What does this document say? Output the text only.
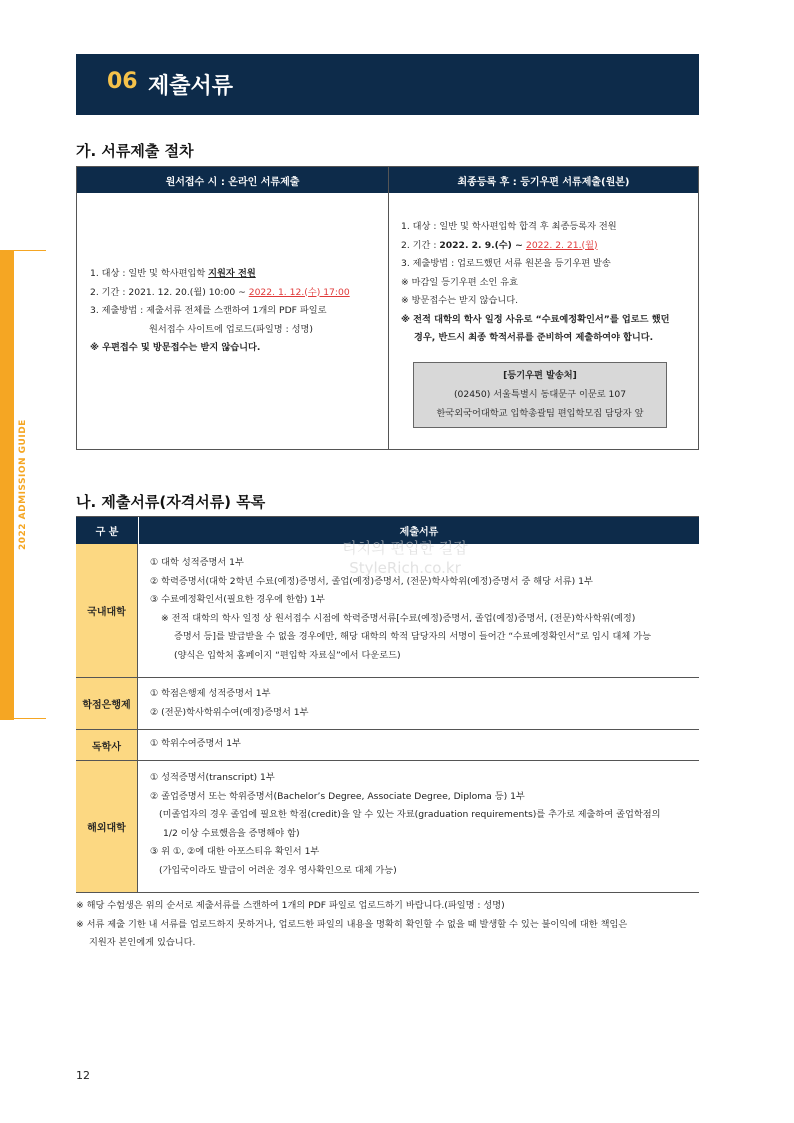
2022 ADMISSION GUIDE
06 제출서류
가. 서류제출 절차
원서접수 시 : 온라인 서류제출	최종등록 후 : 등기우편 서류제출(원본)
1. 대상 : 일반 및 학사편입학 지원자 전원
2. 기간 : 2021. 12. 20.(월) 10:00 ~ 2022. 1. 12.(수) 17:00
3. 제출방법 : 제출서류 전체를 스캔하여 1개의 PDF 파일로
원서접수 사이트에 업로드(파일명 : 성명)
※ 우편접수 및 방문접수는 받지 않습니다.
1. 대상 : 일반 및 학사편입학 합격 후 최종등록자 전원
2. 기간 : 2022. 2. 9.(수) ~ 2022. 2. 21.(월)
3. 제출방법 : 업로드했던 서류 원본을 등기우편 발송
※ 마감일 등기우편 소인 유효
※ 방문접수는 받지 않습니다.
※ 전적 대학의 학사 일정 사유로 “수료예정확인서”를 업로드 했던
경우, 반드시 최종 학적서류를 준비하여 제출하여야 합니다.
[등기우편 발송처]
(02450) 서울특별시 동대문구 이문로 107
한국외국어대학교 입학총괄팀 편입학모집 담당자 앞
나. 제출서류(자격서류) 목록
구 분	제출서류
국내대학
① 대학 성적증명서 1부
② 학력증명서(대학 2학년 수료(예정)증명서, 졸업(예정)증명서, (전문)학사학위(예정)증명서 중 해당 서류) 1부
③ 수료예정확인서(필요한 경우에 한함) 1부
※ 전적 대학의 학사 일정 상 원서접수 시점에 학력증명서류[수료(예정)증명서, 졸업(예정)증명서, (전문)학사학위(예정)
증명서 등]를 발급받을 수 없을 경우에만, 해당 대학의 학적 담당자의 서명이 들어간 “수료예정확인서”로 임시 대체 가능
(양식은 입학처 홈페이지 “편입학 자료실”에서 다운로드)
학점은행제
① 학점은행제 성적증명서 1부
② (전문)학사학위수여(예정)증명서 1부
독학사	① 학위수여증명서 1부
해외대학
① 성적증명서(transcript) 1부
② 졸업증명서 또는 학위증명서(Bachelor’s Degree, Associate Degree, Diploma 등) 1부
(미졸업자의 경우 졸업에 필요한 학점(credit)을 알 수 있는 자료(graduation requirements)를 추가로 제출하여 졸업학점의
1/2 이상 수료했음을 증명해야 함)
③ 위 ①, ②에 대한 아포스티유 확인서 1부
(가입국이라도 발급이 어려운 경우 영사확인으로 대체 가능)
티치의 편입한 길잡
StyleRich.co.kr
※ 해당 수험생은 위의 순서로 제출서류를 스캔하여 1개의 PDF 파일로 업로드하기 바랍니다.(파일명 : 성명)
※ 서류 제출 기한 내 서류를 업로드하지 못하거나, 업로드한 파일의 내용을 명확히 확인할 수 없을 때 발생할 수 있는 불이익에 대한 책임은
지원자 본인에게 있습니다.
12
